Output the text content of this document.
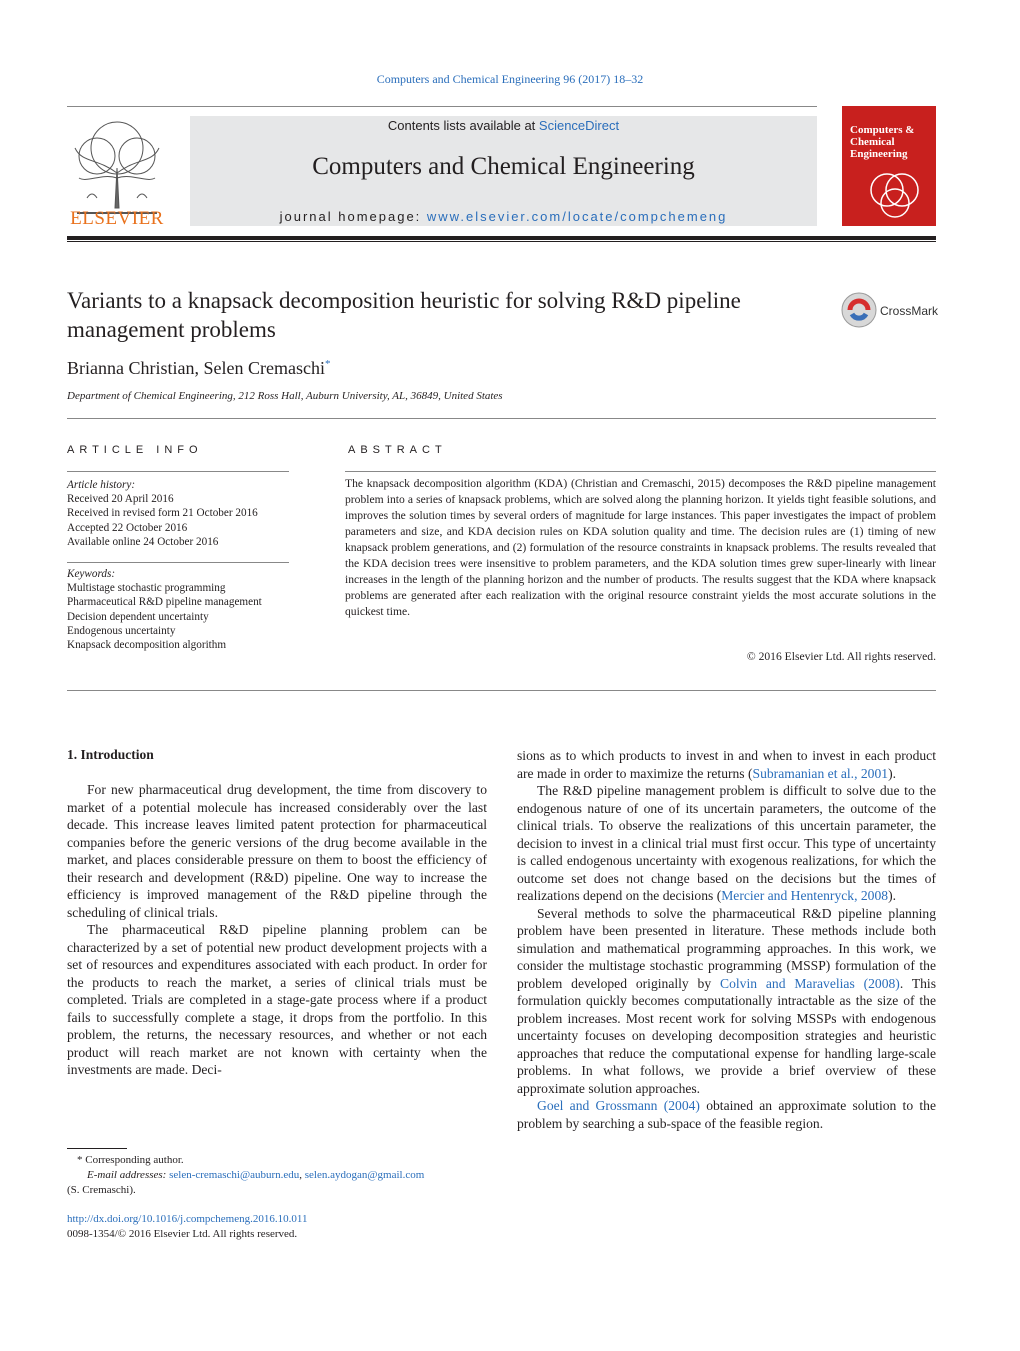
Computers and Chemical Engineering 96 (2017) 18–32
ELSEVIER
Contents lists available at ScienceDirect
Computers and Chemical Engineering
journal homepage: www.elsevier.com/locate/compchemeng
Computers & Chemical Engineering
Variants to a knapsack decomposition heuristic for solving R&D pipeline management problems
CrossMark
Brianna Christian, Selen Cremaschi*
Department of Chemical Engineering, 212 Ross Hall, Auburn University, AL, 36849, United States
ARTICLE INFO
Article history:
Received 20 April 2016
Received in revised form 21 October 2016
Accepted 22 October 2016
Available online 24 October 2016
Keywords:
Multistage stochastic programming
Pharmaceutical R&D pipeline management
Decision dependent uncertainty
Endogenous uncertainty
Knapsack decomposition algorithm
ABSTRACT
The knapsack decomposition algorithm (KDA) (Christian and Cremaschi, 2015) decomposes the R&D pipeline management problem into a series of knapsack problems, which are solved along the planning horizon. It yields tight feasible solutions, and improves the solution times by several orders of magnitude for large instances. This paper investigates the impact of problem parameters and size, and KDA decision rules on KDA solution quality and time. The decision rules are (1) timing of new knapsack problem generations, and (2) formulation of the resource constraints in knapsack problems. The results revealed that the KDA decision trees were insensitive to problem parameters, and the KDA solution times grew super-linearly with linear increases in the length of the planning horizon and the number of products. The results suggest that the KDA where knapsack problems are generated after each realization with the original resource constraint yields the most accurate solutions in the quickest time.
© 2016 Elsevier Ltd. All rights reserved.
1. Introduction

For new pharmaceutical drug development, the time from discovery to market of a potential molecule has increased considerably over the last decade. This increase leaves limited patent protection for pharmaceutical companies before the generic versions of the drug become available in the market, and places considerable pressure on them to boost the efficiency of their research and development (R&D) pipeline. One way to increase the efficiency is improved management of the R&D pipeline through the scheduling of clinical trials.

The pharmaceutical R&D pipeline planning problem can be characterized by a set of potential new product development projects with a set of resources and expenditures associated with each product. In order for the products to reach the market, a series of clinical trials must be completed. Trials are completed in a stage-gate process where if a product fails to successfully complete a stage, it drops from the portfolio. In this problem, the returns, the necessary resources, and whether or not each product will reach market are not known with certainty when the investments are made. Deci-

sions as to which products to invest in and when to invest in each product are made in order to maximize the returns (Subramanian et al., 2001).

The R&D pipeline management problem is difficult to solve due to the endogenous nature of one of its uncertain parameters, the outcome of the clinical trials. To observe the realizations of this uncertain parameter, the decision to invest in a clinical trial must first occur. This type of uncertainty is called endogenous uncertainty with exogenous realizations, for which the outcome set does not change based on the decisions but the times of realizations depend on the decisions (Mercier and Hentenryck, 2008).

Several methods to solve the pharmaceutical R&D pipeline planning problem have been presented in literature. These methods include both simulation and mathematical programming approaches. In this work, we consider the multistage stochastic programming (MSSP) formulation of the problem developed originally by Colvin and Maravelias (2008). This formulation quickly becomes computationally intractable as the size of the problem increases. Most recent work for solving MSSPs with endogenous uncertainty focuses on developing decomposition strategies and heuristic approaches that reduce the computational expense for handling large-scale problems. In what follows, we provide a brief overview of these approximate solution approaches.

Goel and Grossmann (2004) obtained an approximate solution to the problem by searching a sub-space of the feasible region.

* Corresponding author.
E-mail addresses: selen-cremaschi@auburn.edu, selen.aydogan@gmail.com
(S. Cremaschi).
http://dx.doi.org/10.1016/j.compchemeng.2016.10.011
0098-1354/© 2016 Elsevier Ltd. All rights reserved.
